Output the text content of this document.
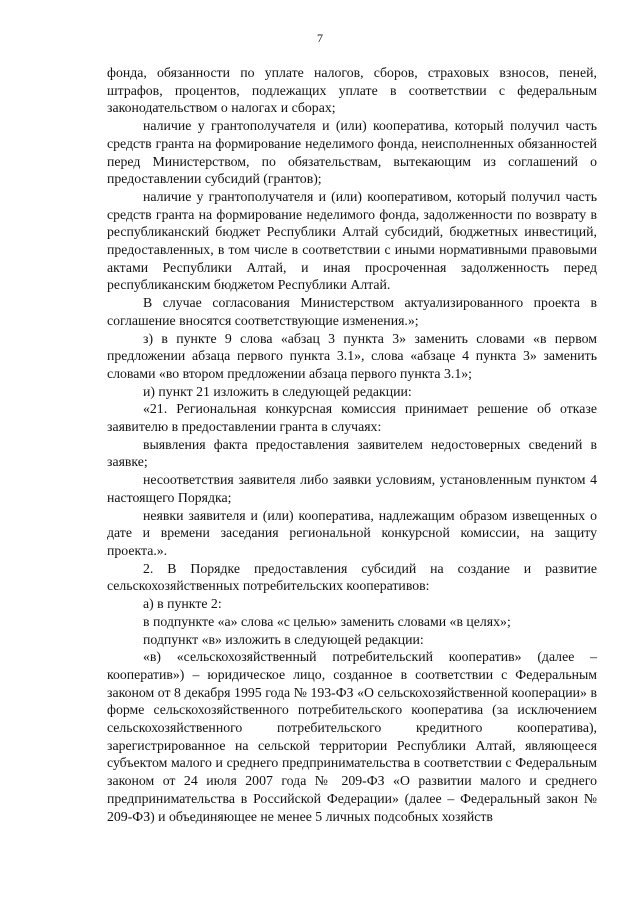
7

фонда, обязанности по уплате налогов, сборов, страховых взносов, пеней, штрафов, процентов, подлежащих уплате в соответствии с федеральным законодательством о налогах и сборах;

наличие у грантополучателя и (или) кооператива, который получил часть средств гранта на формирование неделимого фонда, неисполненных обязанностей перед Министерством, по обязательствам, вытекающим из соглашений о предоставлении субсидий (грантов);

наличие у грантополучателя и (или) кооперативом, который получил часть средств гранта на формирование неделимого фонда, задолженности по возврату в республиканский бюджет Республики Алтай субсидий, бюджетных инвестиций, предоставленных, в том числе в соответствии с иными нормативными правовыми актами Республики Алтай, и иная просроченная задолженность перед республиканским бюджетом Республики Алтай.

В случае согласования Министерством актуализированного проекта в соглашение вносятся соответствующие изменения.»;

з) в пункте 9 слова «абзац 3 пункта 3» заменить словами «в первом предложении абзаца первого пункта 3.1», слова «абзаце 4 пункта 3» заменить словами «во втором предложении абзаца первого пункта 3.1»;

и) пункт 21 изложить в следующей редакции:

«21. Региональная конкурсная комиссия принимает решение об отказе заявителю в предоставлении гранта в случаях:

выявления факта предоставления заявителем недостоверных сведений в заявке;

несоответствия заявителя либо заявки условиям, установленным пунктом 4 настоящего Порядка;

неявки заявителя и (или) кооператива, надлежащим образом извещенных о дате и времени заседания региональной конкурсной комиссии, на защиту проекта.».

2. В Порядке предоставления субсидий на создание и развитие сельскохозяйственных потребительских кооперативов:

а) в пункте 2:

в подпункте «а» слова «с целью» заменить словами «в целях»;

подпункт «в» изложить в следующей редакции:

«в) «сельскохозяйственный потребительский кооператив» (далее – кооператив») – юридическое лицо, созданное в соответствии с Федеральным законом от 8 декабря 1995 года № 193-ФЗ «О сельскохозяйственной кооперации» в форме сельскохозяйственного потребительского кооператива (за исключением сельскохозяйственного потребительского кредитного кооператива), зарегистрированное на сельской территории Республики Алтай, являющееся субъектом малого и среднего предпринимательства в соответствии с Федеральным законом от 24 июля 2007 года № 209-ФЗ «О развитии малого и среднего предпринимательства в Российской Федерации» (далее – Федеральный закон № 209-ФЗ) и объединяющее не менее 5 личных подсобных хозяйств
